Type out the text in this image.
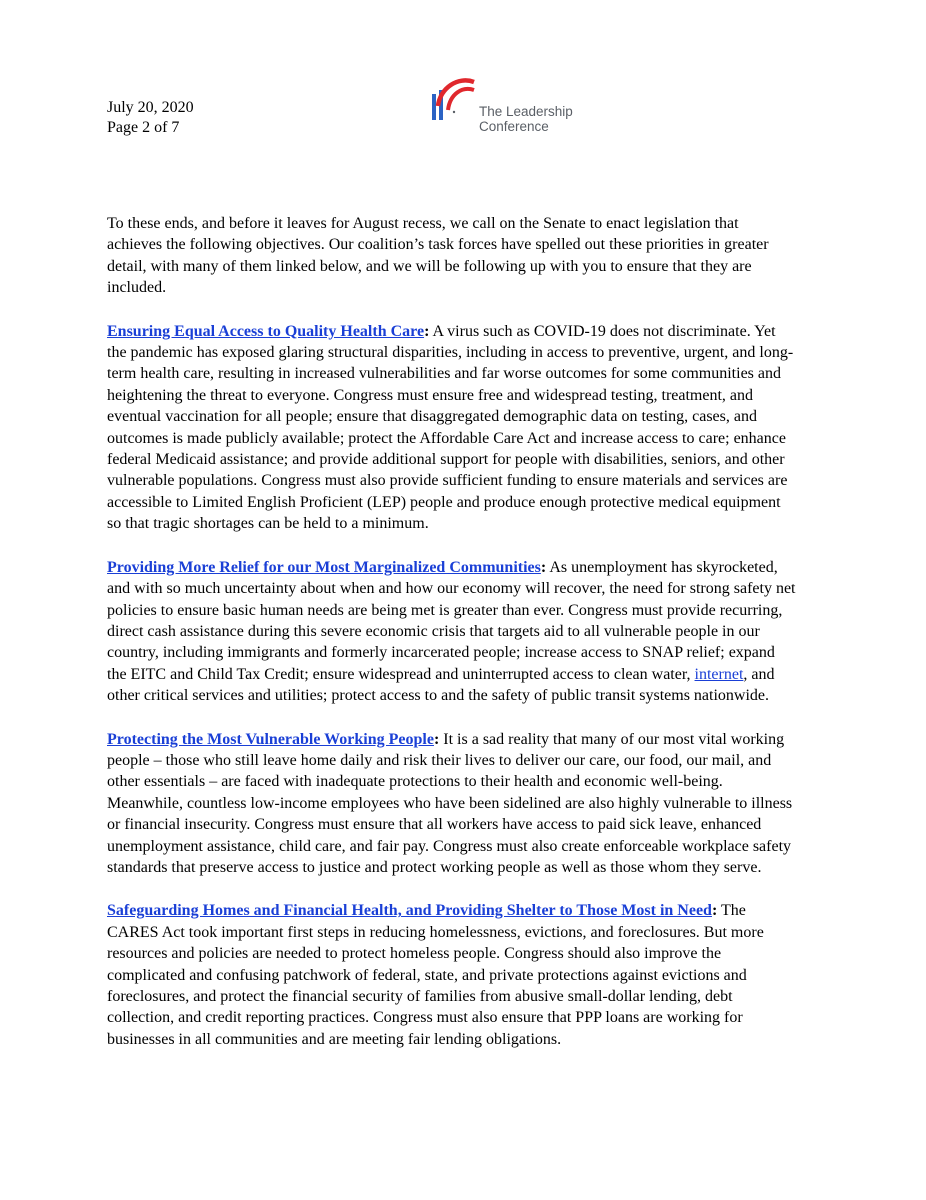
July 20, 2020
Page 2 of 7
The Leadership
Conference

To these ends, and before it leaves for August recess, we call on the Senate to enact legislation that achieves the following objectives. Our coalition’s task forces have spelled out these priorities in greater detail, with many of them linked below, and we will be following up with you to ensure that they are included.

Ensuring Equal Access to Quality Health Care: A virus such as COVID-19 does not discriminate. Yet the pandemic has exposed glaring structural disparities, including in access to preventive, urgent, and long-term health care, resulting in increased vulnerabilities and far worse outcomes for some communities and heightening the threat to everyone. Congress must ensure free and widespread testing, treatment, and eventual vaccination for all people; ensure that disaggregated demographic data on testing, cases, and outcomes is made publicly available; protect the Affordable Care Act and increase access to care; enhance federal Medicaid assistance; and provide additional support for people with disabilities, seniors, and other vulnerable populations. Congress must also provide sufficient funding to ensure materials and services are accessible to Limited English Proficient (LEP) people and produce enough protective medical equipment so that tragic shortages can be held to a minimum.

Providing More Relief for our Most Marginalized Communities: As unemployment has skyrocketed, and with so much uncertainty about when and how our economy will recover, the need for strong safety net policies to ensure basic human needs are being met is greater than ever. Congress must provide recurring, direct cash assistance during this severe economic crisis that targets aid to all vulnerable people in our country, including immigrants and formerly incarcerated people; increase access to SNAP relief; expand the EITC and Child Tax Credit; ensure widespread and uninterrupted access to clean water, internet, and other critical services and utilities; protect access to and the safety of public transit systems nationwide.

Protecting the Most Vulnerable Working People: It is a sad reality that many of our most vital working people – those who still leave home daily and risk their lives to deliver our care, our food, our mail, and other essentials – are faced with inadequate protections to their health and economic well-being. Meanwhile, countless low-income employees who have been sidelined are also highly vulnerable to illness or financial insecurity. Congress must ensure that all workers have access to paid sick leave, enhanced unemployment assistance, child care, and fair pay. Congress must also create enforceable workplace safety standards that preserve access to justice and protect working people as well as those whom they serve.

Safeguarding Homes and Financial Health, and Providing Shelter to Those Most in Need: The CARES Act took important first steps in reducing homelessness, evictions, and foreclosures. But more resources and policies are needed to protect homeless people. Congress should also improve the complicated and confusing patchwork of federal, state, and private protections against evictions and foreclosures, and protect the financial security of families from abusive small-dollar lending, debt collection, and credit reporting practices. Congress must also ensure that PPP loans are working for businesses in all communities and are meeting fair lending obligations.
